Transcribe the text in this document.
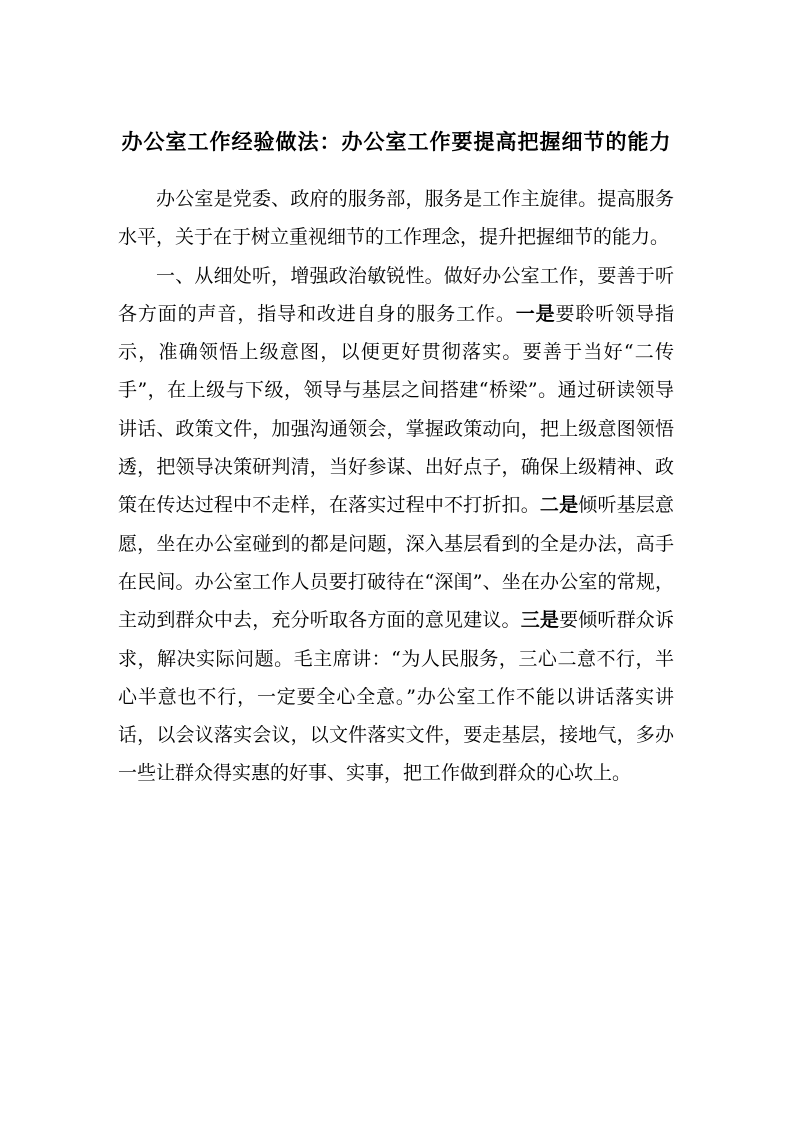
办公室工作经验做法：办公室工作要提高把握细节的能力

办公室是党委、政府的服务部，服务是工作主旋律。提高服务水平，关于在于树立重视细节的工作理念，提升把握细节的能力。

一、从细处听，增强政治敏锐性。做好办公室工作，要善于听各方面的声音，指导和改进自身的服务工作。一是要聆听领导指示，准确领悟上级意图，以便更好贯彻落实。要善于当好“二传手”，在上级与下级，领导与基层之间搭建“桥梁”。通过研读领导讲话、政策文件，加强沟通领会，掌握政策动向，把上级意图领悟透，把领导决策研判清，当好参谋、出好点子，确保上级精神、政策在传达过程中不走样，在落实过程中不打折扣。二是倾听基层意愿，坐在办公室碰到的都是问题，深入基层看到的全是办法，高手在民间。办公室工作人员要打破待在“深闺”、坐在办公室的常规，主动到群众中去，充分听取各方面的意见建议。三是要倾听群众诉求，解决实际问题。毛主席讲：“为人民服务，三心二意不行，半心半意也不行，一定要全心全意。”办公室工作不能以讲话落实讲话，以会议落实会议，以文件落实文件，要走基层，接地气，多办一些让群众得实惠的好事、实事，把工作做到群众的心坎上。
